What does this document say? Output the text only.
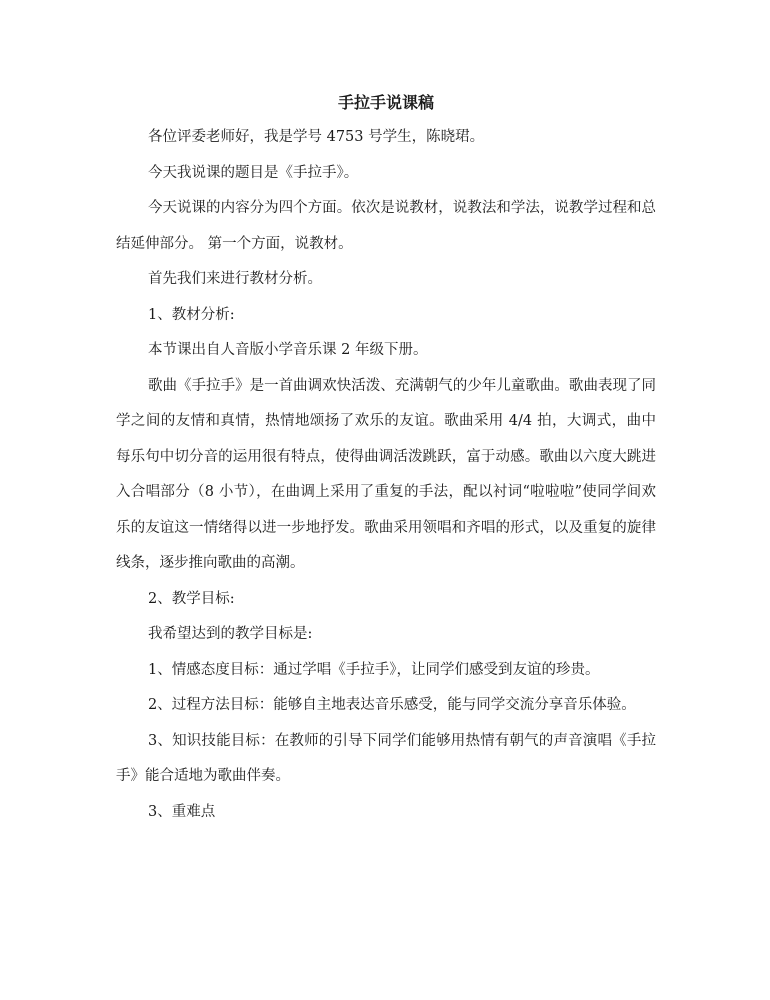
手拉手说课稿

各位评委老师好，我是学号 4753 号学生，陈晓珺。

今天我说课的题目是《手拉手》。

今天说课的内容分为四个方面。依次是说教材，说教法和学法，说教学过程和总结延伸部分。 第一个方面，说教材。

首先我们来进行教材分析。

1、教材分析:

本节课出自人音版小学音乐课 2 年级下册。

歌曲《手拉手》是一首曲调欢快活泼、充满朝气的少年儿童歌曲。歌曲表现了同学之间的友情和真情，热情地颂扬了欢乐的友谊。歌曲采用 4/4 拍，大调式，曲中每乐句中切分音的运用很有特点，使得曲调活泼跳跃，富于动感。歌曲以六度大跳进入合唱部分（8 小节），在曲调上采用了重复的手法，配以衬词“啦啦啦”使同学间欢乐的友谊这一情绪得以进一步地抒发。歌曲采用领唱和齐唱的形式，以及重复的旋律线条，逐步推向歌曲的高潮。

2、教学目标:

我希望达到的教学目标是:

1、情感态度目标：通过学唱《手拉手》，让同学们感受到友谊的珍贵。

2、过程方法目标：能够自主地表达音乐感受，能与同学交流分享音乐体验。

3、知识技能目标：在教师的引导下同学们能够用热情有朝气的声音演唱《手拉手》能合适地为歌曲伴奏。

3、重难点
